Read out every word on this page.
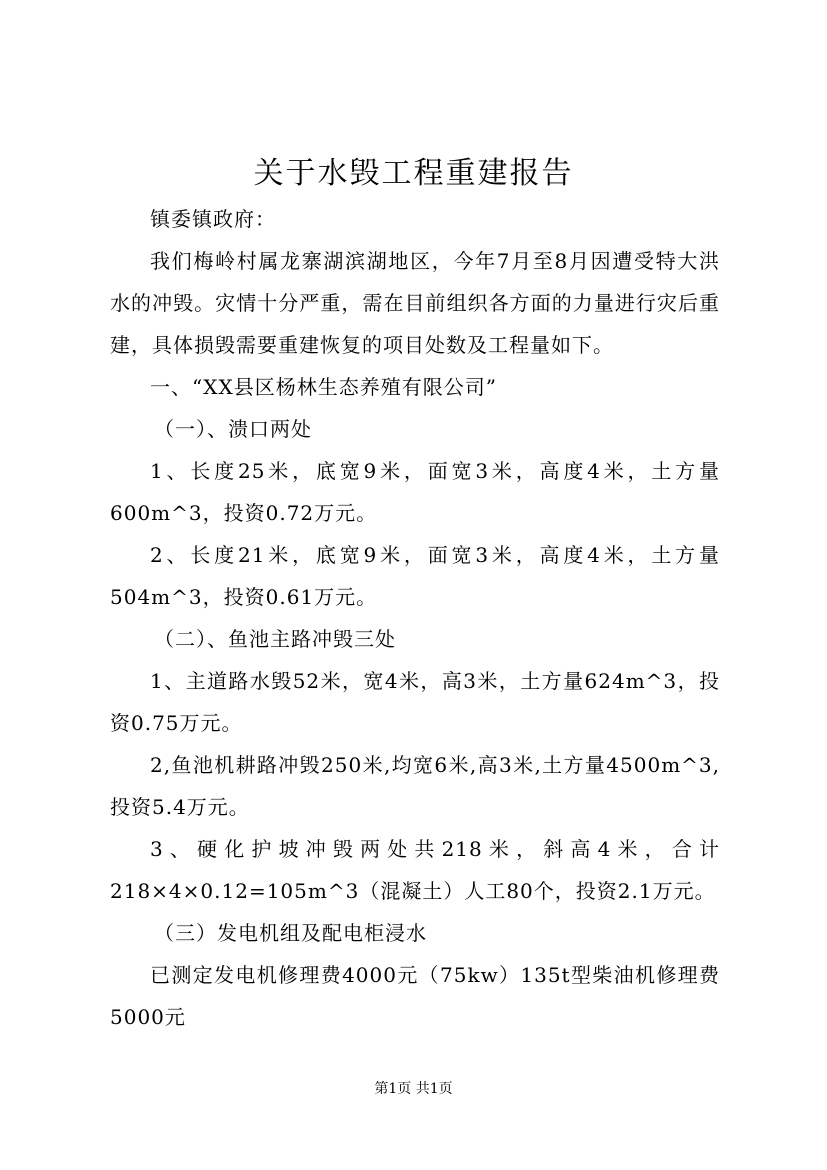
关于水毁工程重建报告

镇委镇政府：

我们梅岭村属龙寨湖滨湖地区，今年7月至8月因遭受特大洪水的冲毁。灾情十分严重，需在目前组织各方面的力量进行灾后重建，具体损毁需要重建恢复的项目处数及工程量如下。

一、“XX县区杨林生态养殖有限公司”

（一）、溃口两处

1、长度25米，底宽9米，面宽3米，高度4米，土方量600m^3，投资0.72万元。

2、长度21米，底宽9米，面宽3米，高度4米，土方量504m^3，投资0.61万元。

（二）、鱼池主路冲毁三处

1、主道路水毁52米，宽4米，高3米，土方量624m^3，投资0.75万元。

2,鱼池机耕路冲毁250米,均宽6米,高3米,土方量4500m^3,投资5.4万元。

3、硬化护坡冲毁两处共218米，斜高4米，合计218×4×0.12=105m^3（混凝土）人工80个，投资2.1万元。

（三）发电机组及配电柜浸水

已测定发电机修理费4000元（75kw）135t型柴油机修理费5000元

第1页 共1页
